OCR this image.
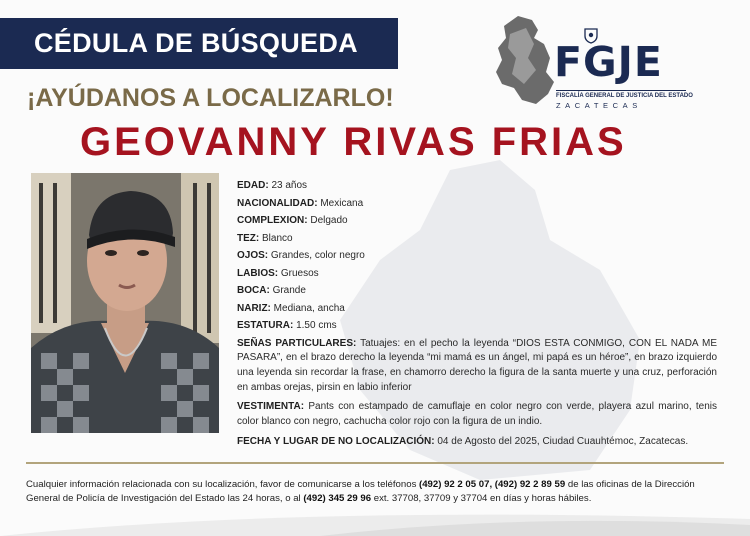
CÉDULA DE BÚSQUEDA
¡AYÚDANOS A LOCALIZARLO!
GEOVANNY RIVAS FRIAS
FGJE
FISCALÍA GENERAL DE JUSTICIA DEL ESTADO
ZACATECAS
EDAD: 23 años
NACIONALIDAD: Mexicana
COMPLEXION: Delgado
TEZ: Blanco
OJOS: Grandes, color negro
LABIOS: Gruesos
BOCA: Grande
NARIZ: Mediana, ancha
ESTATURA: 1.50 cms
SEÑAS PARTICULARES: Tatuajes: en el pecho la leyenda “DIOS ESTA CONMIGO, CON EL NADA ME PASARA”, en el brazo derecho la leyenda “mi mamá es un ángel, mi papá es un héroe”, en brazo izquierdo una leyenda sin recordar la frase, en chamorro derecho la figura de la santa muerte y una cruz, perforación en ambas orejas, pirsin en labio inferior
VESTIMENTA: Pants con estampado de camuflaje en color negro con verde, playera azul marino, tenis color blanco con negro, cachucha color rojo con la figura de un indio.
FECHA Y LUGAR DE NO LOCALIZACIÓN: 04 de Agosto del 2025, Ciudad Cuauhtémoc, Zacatecas.
Cualquier información relacionada con su localización, favor de comunicarse a los teléfonos (492) 92 2 05 07, (492) 92 2 89 59 de las oficinas de la Dirección General de Policía de Investigación del Estado las 24 horas, o al (492) 345 29 96 ext. 37708, 37709 y 37704 en días y horas hábiles.
